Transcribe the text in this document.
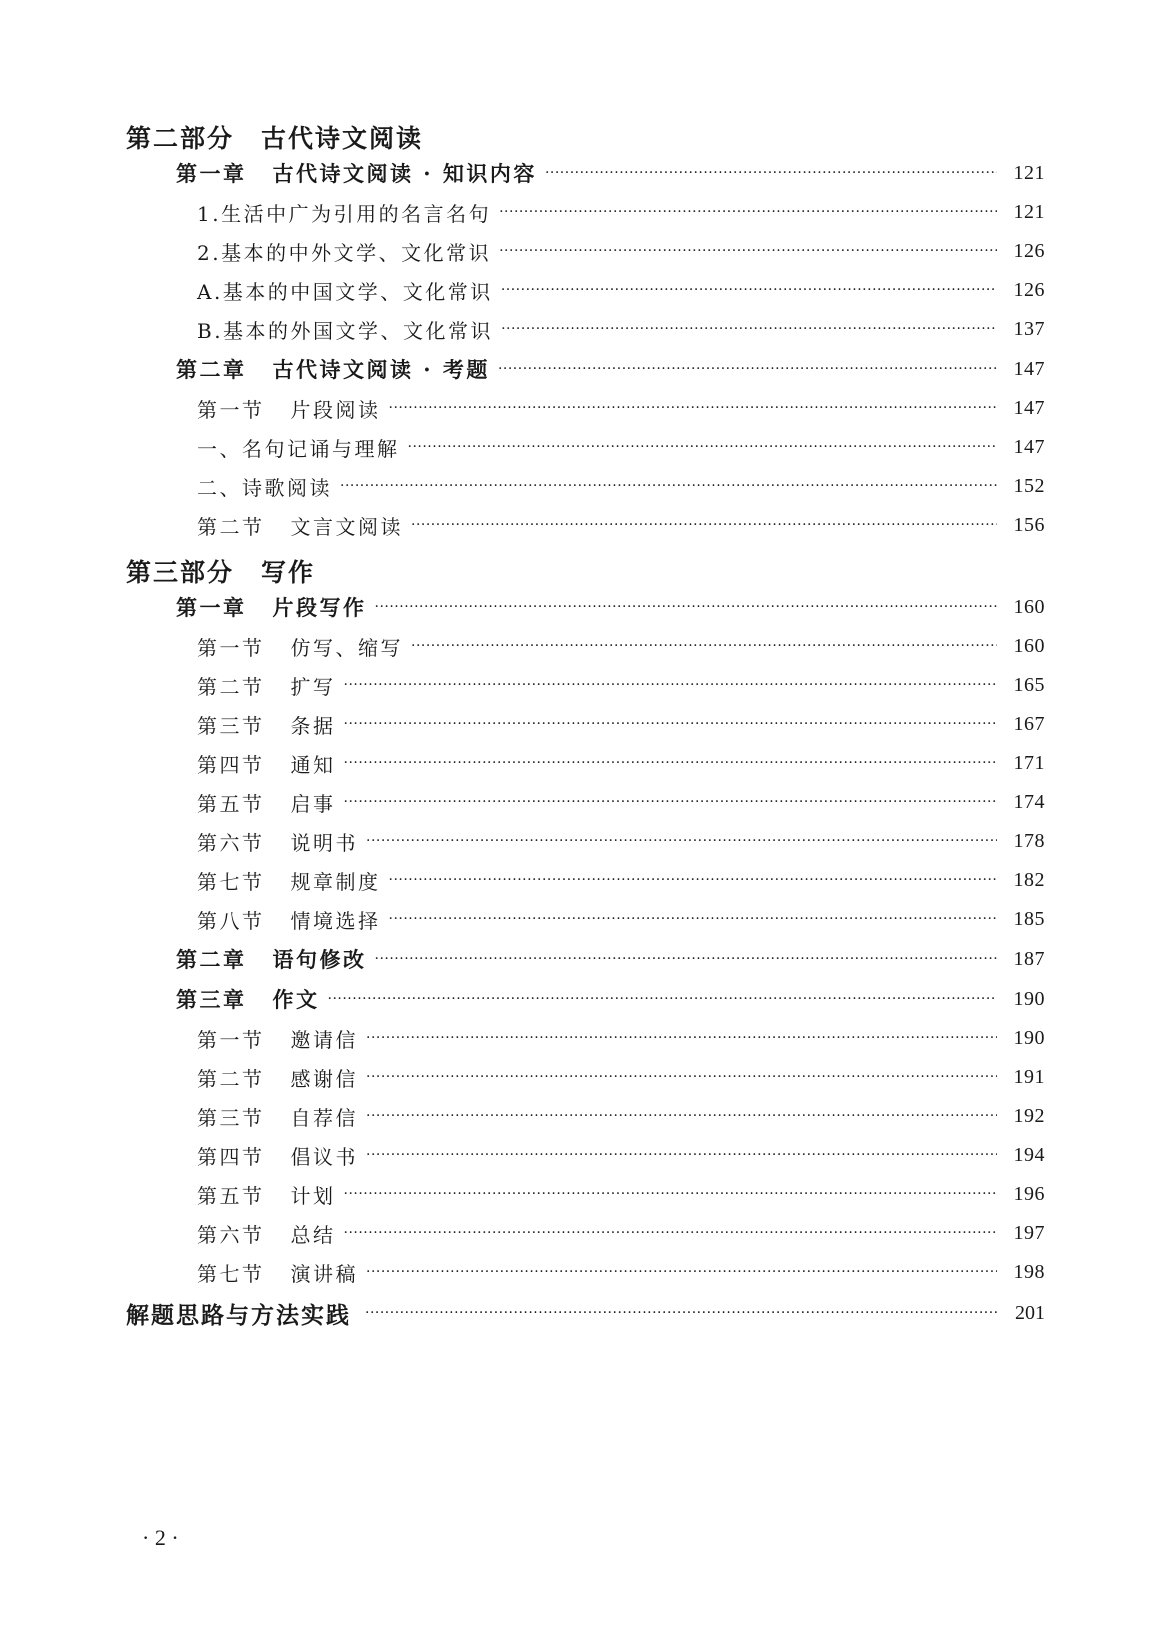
第二部分　古代诗文阅读
第一章 古代诗文阅读 · 知识内容 ·····	121
1.生活中广为引用的名言名句 ·····	121
2.基本的中外文学、文化常识 ·····	126
A.基本的中国文学、文化常识 ·····	126
B.基本的外国文学、文化常识 ·····	137
第二章 古代诗文阅读 · 考题 ·····	147
第一节 片段阅读 ·····	147
一、名句记诵与理解 ·····	147
二、诗歌阅读 ·····	152
第二节 文言文阅读 ·····	156
第三部分　写作
第一章 片段写作 ·····	160
第一节 仿写、缩写 ·····	160
第二节 扩写 ·····	165
第三节 条据 ·····	167
第四节 通知 ·····	171
第五节 启事 ·····	174
第六节 说明书 ·····	178
第七节 规章制度 ·····	182
第八节 情境选择 ·····	185
第二章 语句修改 ·····	187
第三章 作文 ·····	190
第一节 邀请信 ·····	190
第二节 感谢信 ·····	191
第三节 自荐信 ·····	192
第四节 倡议书 ·····	194
第五节 计划 ·····	196
第六节 总结 ·····	197
第七节 演讲稿 ·····	198
解题思路与方法实践 ·····	201
· 2 ·
